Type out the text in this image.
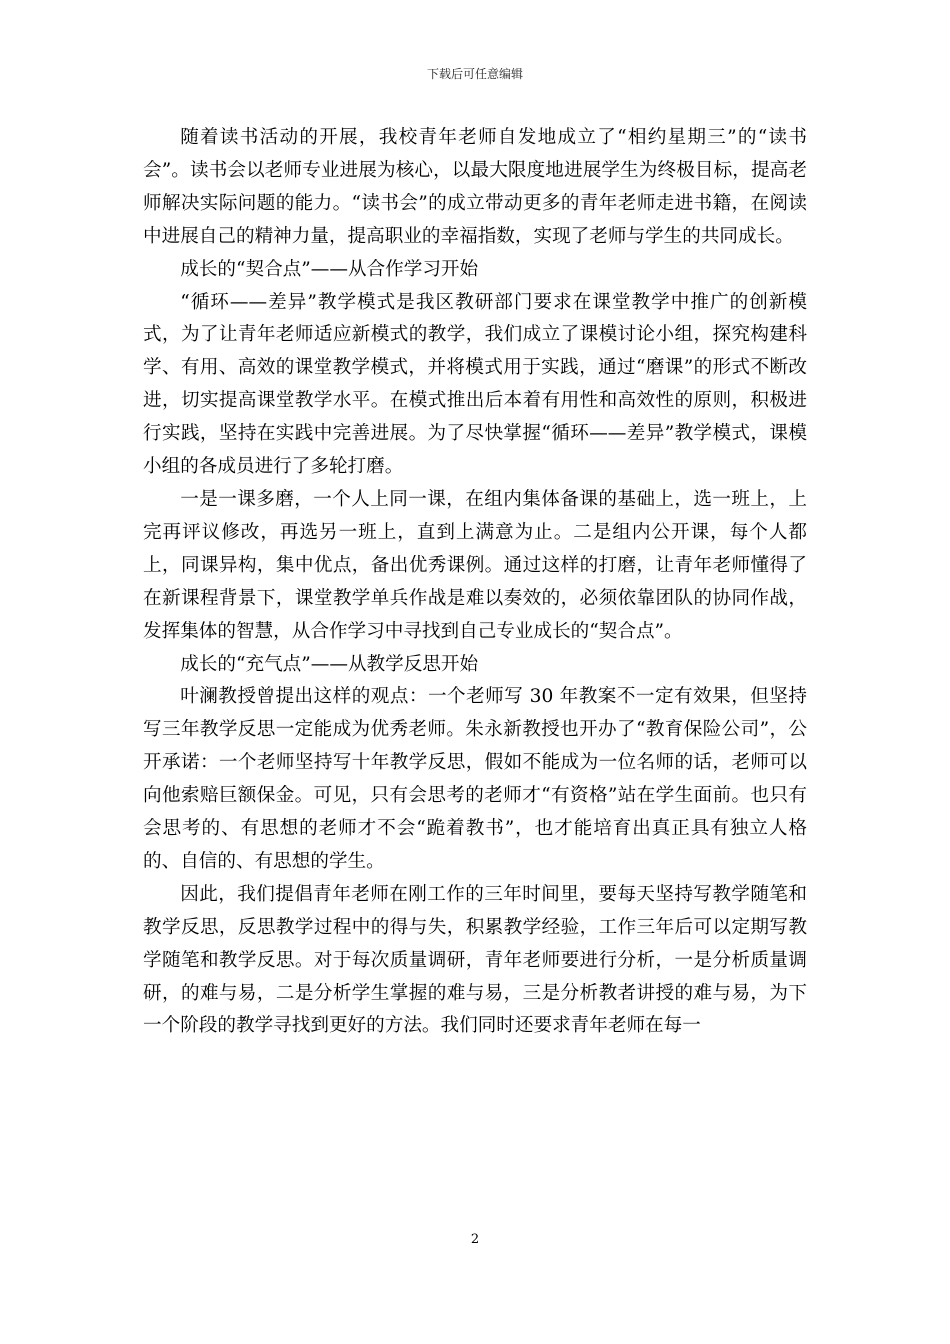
下载后可任意编辑

随着读书活动的开展，我校青年老师自发地成立了“相约星期三”的“读书会”。读书会以老师专业进展为核心，以最大限度地进展学生为终极目标，提高老师解决实际问题的能力。“读书会”的成立带动更多的青年老师走进书籍，在阅读中进展自己的精神力量，提高职业的幸福指数，实现了老师与学生的共同成长。

成长的“契合点”——从合作学习开始

“循环——差异”教学模式是我区教研部门要求在课堂教学中推广的创新模式，为了让青年老师适应新模式的教学，我们成立了课模讨论小组，探究构建科学、有用、高效的课堂教学模式，并将模式用于实践，通过“磨课”的形式不断改进，切实提高课堂教学水平。在模式推出后本着有用性和高效性的原则，积极进行实践，坚持在实践中完善进展。为了尽快掌握“循环——差异”教学模式，课模小组的各成员进行了多轮打磨。

一是一课多磨，一个人上同一课，在组内集体备课的基础上，选一班上，上完再评议修改，再选另一班上，直到上满意为止。二是组内公开课，每个人都上，同课异构，集中优点，备出优秀课例。通过这样的打磨，让青年老师懂得了在新课程背景下，课堂教学单兵作战是难以奏效的，必须依靠团队的协同作战，发挥集体的智慧，从合作学习中寻找到自己专业成长的“契合点”。

成长的“充气点”——从教学反思开始

叶澜教授曾提出这样的观点：一个老师写 30 年教案不一定有效果，但坚持写三年教学反思一定能成为优秀老师。朱永新教授也开办了“教育保险公司”，公开承诺：一个老师坚持写十年教学反思，假如不能成为一位名师的话，老师可以向他索赔巨额保金。可见，只有会思考的老师才“有资格”站在学生面前。也只有会思考的、有思想的老师才不会“跪着教书”，也才能培育出真正具有独立人格的、自信的、有思想的学生。

因此，我们提倡青年老师在刚工作的三年时间里，要每天坚持写教学随笔和教学反思，反思教学过程中的得与失，积累教学经验，工作三年后可以定期写教学随笔和教学反思。对于每次质量调研，青年老师要进行分析，一是分析质量调研，的难与易，二是分析学生掌握的难与易，三是分析教者讲授的难与易，为下一个阶段的教学寻找到更好的方法。我们同时还要求青年老师在每一

2
